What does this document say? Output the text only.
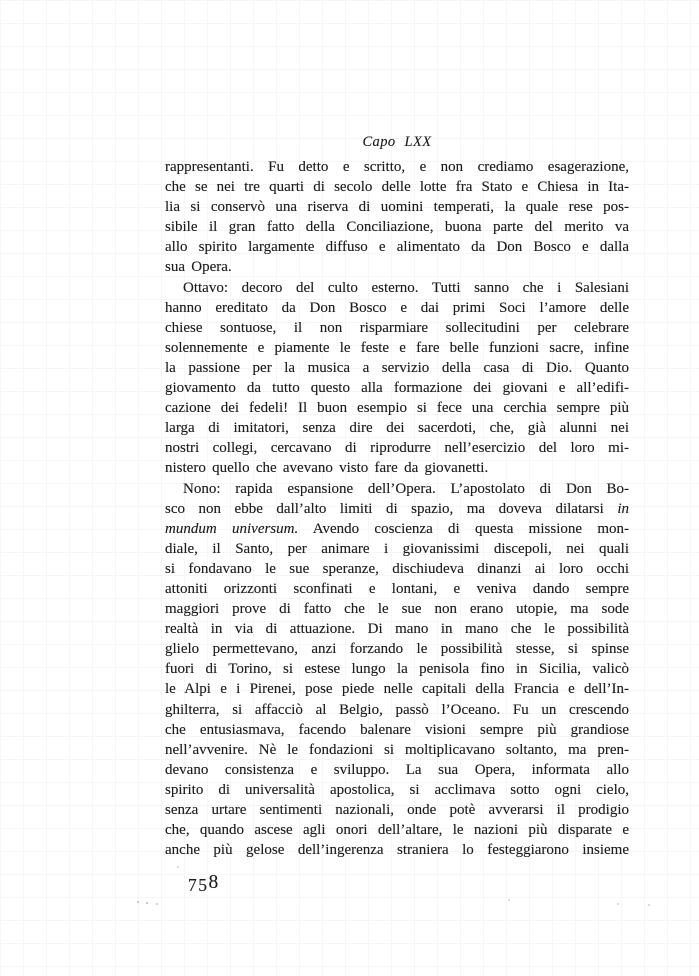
Capo LXX
rappresentanti. Fu detto e scritto, e non crediamo esagerazione,
che se nei tre quarti di secolo delle lotte fra Stato e Chiesa in Ita-
lia si conservò una riserva di uomini temperati, la quale rese pos-
sibile il gran fatto della Conciliazione, buona parte del merito va
allo spirito largamente diffuso e alimentato da Don Bosco e dalla
sua Opera.
Ottavo: decoro del culto esterno. Tutti sanno che i Salesiani
hanno ereditato da Don Bosco e dai primi Soci l’amore delle
chiese sontuose, il non risparmiare sollecitudini per celebrare
solennemente e piamente le feste e fare belle funzioni sacre, infine
la passione per la musica a servizio della casa di Dio. Quanto
giovamento da tutto questo alla formazione dei giovani e all’edifi-
cazione dei fedeli! Il buon esempio si fece una cerchia sempre più
larga di imitatori, senza dire dei sacerdoti, che, già alunni nei
nostri collegi, cercavano di riprodurre nell’esercizio del loro mi-
nistero quello che avevano visto fare da giovanetti.
Nono: rapida espansione dell’Opera. L’apostolato di Don Bo-
sco non ebbe dall’alto limiti di spazio, ma doveva dilatarsi in
mundum universum. Avendo coscienza di questa missione mon-
diale, il Santo, per animare i giovanissimi discepoli, nei quali
si fondavano le sue speranze, dischiudeva dinanzi ai loro occhi
attoniti orizzonti sconfinati e lontani, e veniva dando sempre
maggiori prove di fatto che le sue non erano utopie, ma sode
realtà in via di attuazione. Di mano in mano che le possibilità
glielo permettevano, anzi forzando le possibilità stesse, si spinse
fuori di Torino, si estese lungo la penisola fino in Sicilia, valicò
le Alpi e i Pirenei, pose piede nelle capitali della Francia e dell’In-
ghilterra, si affacciò al Belgio, passò l’Oceano. Fu un crescendo
che entusiasmava, facendo balenare visioni sempre più grandiose
nell’avvenire. Nè le fondazioni si moltiplicavano soltanto, ma pren-
devano consistenza e sviluppo. La sua Opera, informata allo
spirito di universalità apostolica, si acclimava sotto ogni cielo,
senza urtare sentimenti nazionali, onde potè avverarsi il prodigio
che, quando ascese agli onori dell’altare, le nazioni più disparate e
anche più gelose dell’ingerenza straniera lo festeggiarono insieme
758
